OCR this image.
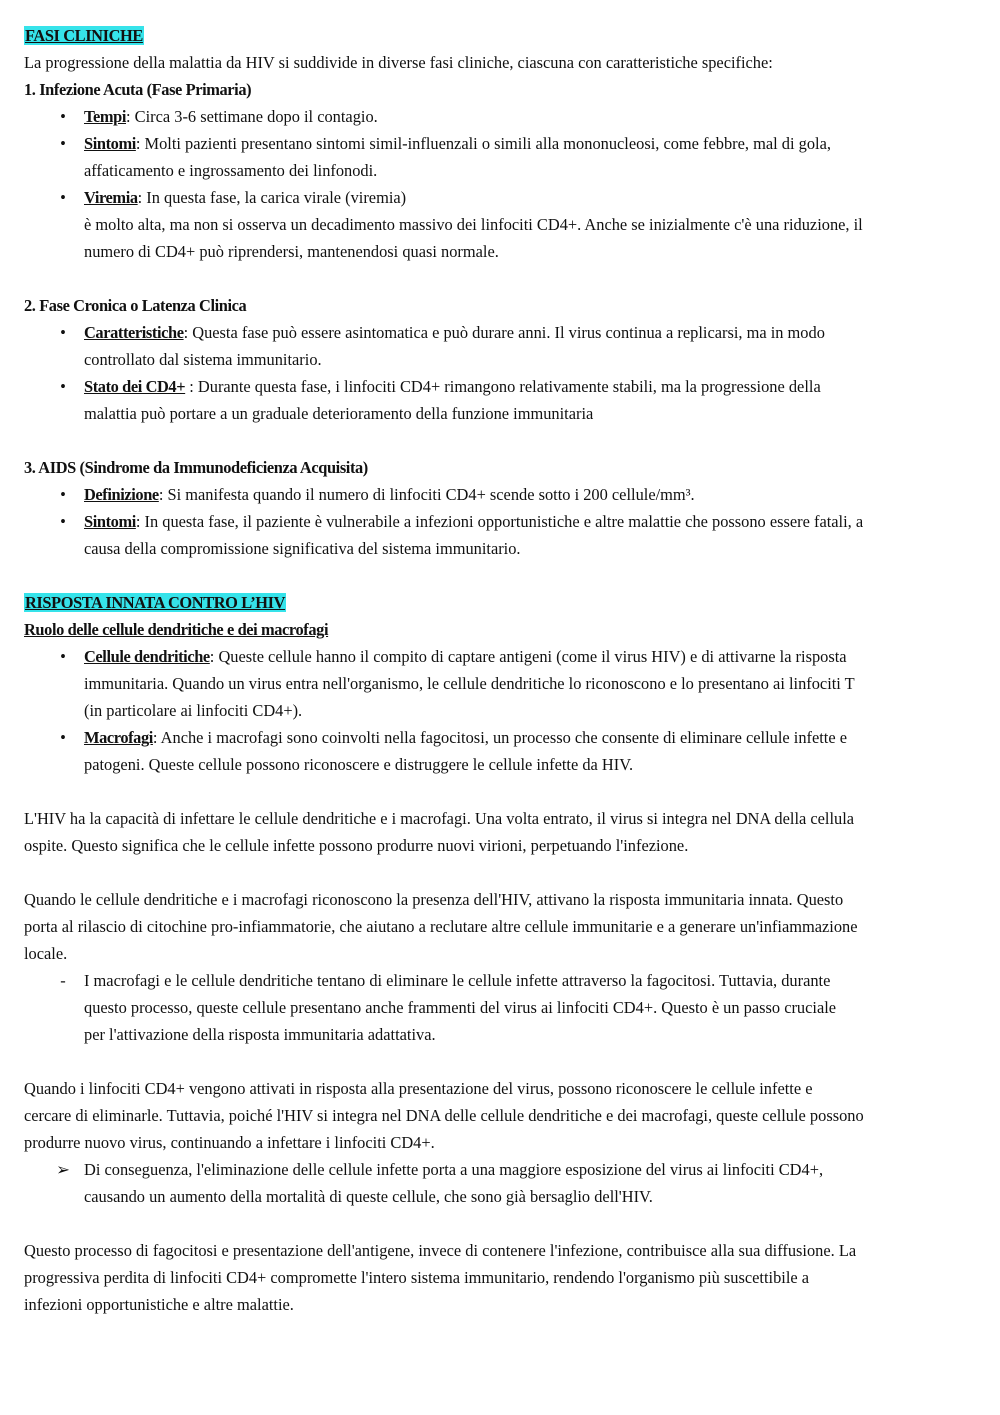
FASI CLINICHE
La progressione della malattia da HIV si suddivide in diverse fasi cliniche, ciascuna con caratteristiche specifiche:
1. Infezione Acuta (Fase Primaria)
• Tempi: Circa 3-6 settimane dopo il contagio.
• Sintomi: Molti pazienti presentano sintomi simil-influenzali o simili alla mononucleosi, come febbre, mal di gola,
affaticamento e ingrossamento dei linfonodi.
• Viremia: In questa fase, la carica virale (viremia)
è molto alta, ma non si osserva un decadimento massivo dei linfociti CD4+. Anche se inizialmente c'è una riduzione, il
numero di CD4+ può riprendersi, mantenendosi quasi normale.
2. Fase Cronica o Latenza Clinica
• Caratteristiche: Questa fase può essere asintomatica e può durare anni. Il virus continua a replicarsi, ma in modo
controllato dal sistema immunitario.
• Stato dei CD4+ : Durante questa fase, i linfociti CD4+ rimangono relativamente stabili, ma la progressione della
malattia può portare a un graduale deterioramento della funzione immunitaria
3. AIDS (Sindrome da Immunodeficienza Acquisita)
• Definizione: Si manifesta quando il numero di linfociti CD4+ scende sotto i 200 cellule/mm³.
• Sintomi: In questa fase, il paziente è vulnerabile a infezioni opportunistiche e altre malattie che possono essere fatali, a
causa della compromissione significativa del sistema immunitario.
RISPOSTA INNATA CONTRO L’HIV
Ruolo delle cellule dendritiche e dei macrofagi
• Cellule dendritiche: Queste cellule hanno il compito di captare antigeni (come il virus HIV) e di attivarne la risposta
immunitaria. Quando un virus entra nell'organismo, le cellule dendritiche lo riconoscono e lo presentano ai linfociti T
(in particolare ai linfociti CD4+).
• Macrofagi: Anche i macrofagi sono coinvolti nella fagocitosi, un processo che consente di eliminare cellule infette e
patogeni. Queste cellule possono riconoscere e distruggere le cellule infette da HIV.
L'HIV ha la capacità di infettare le cellule dendritiche e i macrofagi. Una volta entrato, il virus si integra nel DNA della cellula
ospite. Questo significa che le cellule infette possono produrre nuovi virioni, perpetuando l'infezione.
Quando le cellule dendritiche e i macrofagi riconoscono la presenza dell'HIV, attivano la risposta immunitaria innata. Questo
porta al rilascio di citochine pro-infiammatorie, che aiutano a reclutare altre cellule immunitarie e a generare un'infiammazione
locale.
- I macrofagi e le cellule dendritiche tentano di eliminare le cellule infette attraverso la fagocitosi. Tuttavia, durante
questo processo, queste cellule presentano anche frammenti del virus ai linfociti CD4+. Questo è un passo cruciale
per l'attivazione della risposta immunitaria adattativa.
Quando i linfociti CD4+ vengono attivati in risposta alla presentazione del virus, possono riconoscere le cellule infette e
cercare di eliminarle. Tuttavia, poiché l'HIV si integra nel DNA delle cellule dendritiche e dei macrofagi, queste cellule possono
produrre nuovo virus, continuando a infettare i linfociti CD4+.
➢ Di conseguenza, l'eliminazione delle cellule infette porta a una maggiore esposizione del virus ai linfociti CD4+,
causando un aumento della mortalità di queste cellule, che sono già bersaglio dell'HIV.
Questo processo di fagocitosi e presentazione dell'antigene, invece di contenere l'infezione, contribuisce alla sua diffusione. La
progressiva perdita di linfociti CD4+ compromette l'intero sistema immunitario, rendendo l'organismo più suscettibile a
infezioni opportunistiche e altre malattie.
